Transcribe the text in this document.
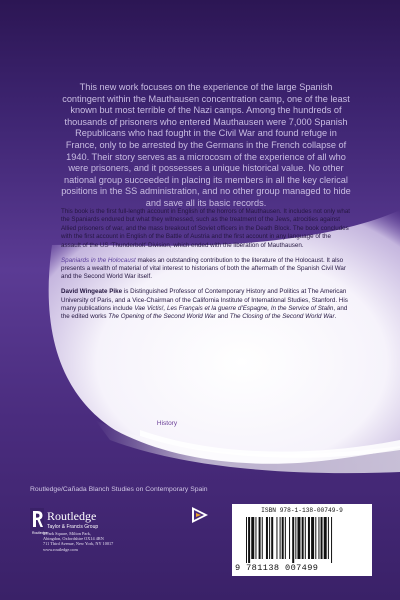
This new work focuses on the experience of the large Spanish contingent within the Mauthausen concentration camp, one of the least known but most terrible of the Nazi camps. Among the hundreds of thousands of prisoners who entered Mauthausen were 7,000 Spanish Republicans who had fought in the Civil War and found refuge in France, only to be arrested by the Germans in the French collapse of 1940. Their story serves as a microcosm of the experience of all who were prisoners, and it possesses a unique historical value. No other national group succeeded in placing its members in all the key clerical positions in the SS administration, and no other group managed to hide and save all its basic records.

This book is the first full-length account in English of the horrors of Mauthausen. It includes not only what the Spaniards endured but what they witnessed, such as the treatment of the Jews, atrocities against Allied prisoners of war, and the mass breakout of Soviet officers in the Death Block. The book concludes with the first account in English of the Battle of Austria and the first account in any language of the assault of the US ‘Thunderbolt’ Division, which ended with the liberation of Mauthausen.

Spaniards in the Holocaust makes an outstanding contribution to the literature of the Holocaust. It also presents a wealth of material of vital interest to historians of both the aftermath of the Spanish Civil War and the Second World War itself.

David Wingeate Pike is Distinguished Professor of Contemporary History and Politics at The American University of Paris, and a Vice-Chairman of the California Institute of International Studies, Stanford. His many publications include Vae Victis!, Les Français et la guerre d’Espagne, In the Service of Stalin, and the edited works The Opening of the Second World War and The Closing of the Second World War.

History
Routledge/Cañada Blanch Studies on Contemporary Spain
Routledge
Taylor & Francis Group
Routledge
2 Park Square, Milton Park,
Abingdon, Oxfordshire OX14 4RN
711 Third Avenue, New York, NY 10017
www.routledge.com
ISBN 978-1-138-00749-9
9 781138 007499
